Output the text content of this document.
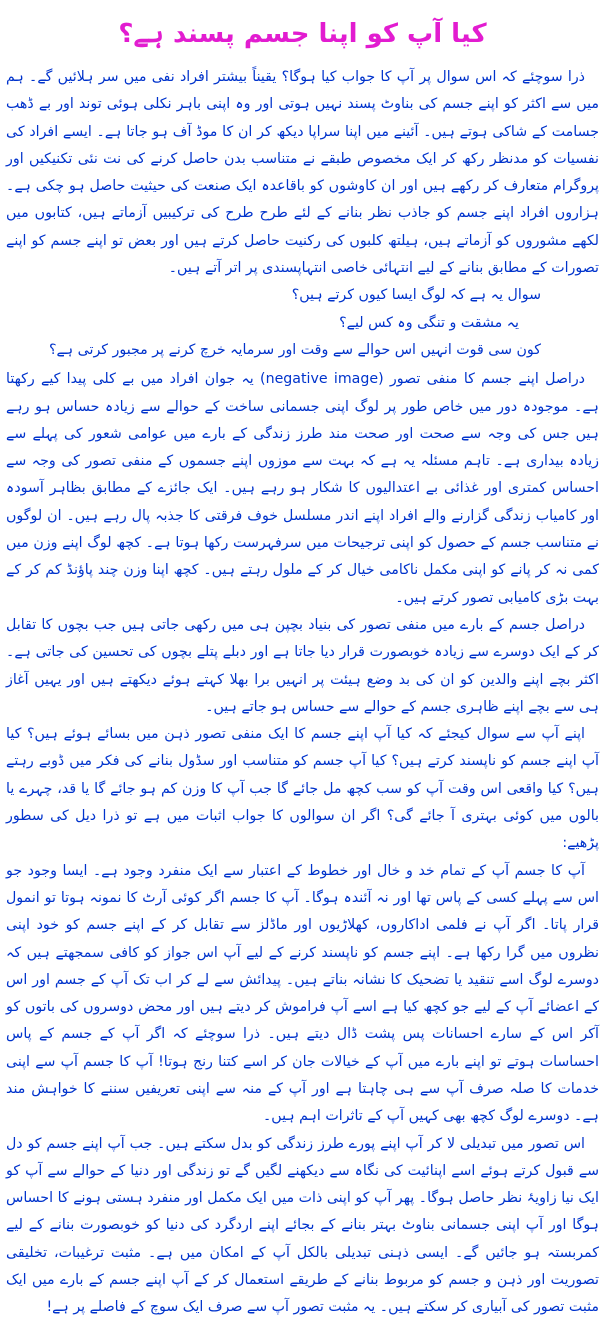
کیا آپ کو اپنا جسم پسند ہے؟

ذرا سوچئے کہ اس سوال پر آپ کا جواب کیا ہوگا؟ یقیناً بیشتر افراد نفی میں سر ہلائیں گے۔ ہم میں سے اکثر کو اپنے جسم کی بناوٹ پسند نہیں ہوتی اور وہ اپنی باہر نکلی ہوئی توند اور بے ڈھب جسامت کے شاکی ہوتے ہیں۔ آئینے میں اپنا سراپا دیکھ کر ان کا موڈ آف ہو جاتا ہے۔ ایسے افراد کی نفسیات کو مدنظر رکھ کر ایک مخصوص طبقے نے متناسب بدن حاصل کرنے کی نت نئی تکنیکیں اور پروگرام متعارف کر رکھے ہیں اور ان کاوشوں کو باقاعدہ ایک صنعت کی حیثیت حاصل ہو چکی ہے۔ ہزاروں افراد اپنے جسم کو جاذب نظر بنانے کے لئے طرح طرح کی ترکیبیں آزماتے ہیں، کتابوں میں لکھے مشوروں کو آزماتے ہیں، ہیلتھ کلبوں کی رکنیت حاصل کرتے ہیں اور بعض تو اپنے جسم کو اپنے تصورات کے مطابق بنانے کے لیے انتہائی خاصی انتہاپسندی پر اتر آتے ہیں۔

سوال یہ ہے کہ لوگ ایسا کیوں کرتے ہیں؟

یہ مشقت و تنگی وہ کس لیے؟

کون سی قوت انہیں اس حوالے سے وقت اور سرمایہ خرچ کرنے پر مجبور کرتی ہے؟

دراصل اپنے جسم کا منفی تصور (negative image) یہ جوان افراد میں بے کلی پیدا کیے رکھتا ہے۔ موجودہ دور میں خاص طور پر لوگ اپنی جسمانی ساخت کے حوالے سے زیادہ حساس ہو رہے ہیں جس کی وجہ سے صحت اور صحت مند طرز زندگی کے بارے میں عوامی شعور کی پہلے سے زیادہ بیداری ہے۔ تاہم مسئلہ یہ ہے کہ بہت سے موزوں اپنے جسموں کے منفی تصور کی وجہ سے احساس کمتری اور غذائی بے اعتدالیوں کا شکار ہو رہے ہیں۔ ایک جائزے کے مطابق بظاہر آسودہ اور کامیاب زندگی گزارنے والے افراد اپنے اندر مسلسل خوف فرقتی کا جذبہ پال رہے ہیں۔ ان لوگوں نے متناسب جسم کے حصول کو اپنی ترجیحات میں سرفہرست رکھا ہوتا ہے۔ کچھ لوگ اپنے وزن میں کمی نہ کر پانے کو اپنی مکمل ناکامی خیال کر کے ملول رہتے ہیں۔ کچھ اپنا وزن چند پاؤنڈ کم کر کے بہت بڑی کامیابی تصور کرتے ہیں۔

دراصل جسم کے بارے میں منفی تصور کی بنیاد بچپن ہی میں رکھی جاتی ہیں جب بچوں کا تقابل کر کے ایک دوسرے سے زیادہ خوبصورت قرار دیا جاتا ہے اور دبلے پتلے بچوں کی تحسین کی جاتی ہے۔ اکثر بچے اپنے والدین کو ان کی بد وضع ہیئت پر انہیں برا بھلا کہتے ہوئے دیکھتے ہیں اور یہیں آغاز ہی سے بچے اپنے ظاہری جسم کے حوالے سے حساس ہو جاتے ہیں۔

اپنے آپ سے سوال کیجئے کہ کیا آپ اپنے جسم کا ایک منفی تصور ذہن میں بسائے ہوئے ہیں؟ کیا آپ اپنے جسم کو ناپسند کرتے ہیں؟ کیا آپ جسم کو متناسب اور سڈول بنانے کی فکر میں ڈوبے رہتے ہیں؟ کیا واقعی اس وقت آپ کو سب کچھ مل جائے گا جب آپ کا وزن کم ہو جائے گا یا قد، چہرے یا بالوں میں کوئی بہتری آ جائے گی؟ اگر ان سوالوں کا جواب اثبات میں ہے تو ذرا دیل کی سطور پڑھیے:

آپ کا جسم آپ کے تمام خد و خال اور خطوط کے اعتبار سے ایک منفرد وجود ہے۔ ایسا وجود جو اس سے پہلے کسی کے پاس تھا اور نہ آئندہ ہوگا۔ آپ کا جسم اگر کوئی آرٹ کا نمونہ ہوتا تو انمول قرار پاتا۔ اگر آپ نے فلمی اداکاروں، کھلاڑیوں اور ماڈلز سے تقابل کر کے اپنے جسم کو خود اپنی نظروں میں گرا رکھا ہے۔ اپنے جسم کو ناپسند کرنے کے لیے آپ اس جواز کو کافی سمجھتے ہیں کہ دوسرے لوگ اسے تنقید یا تضحیک کا نشانہ بناتے ہیں۔ پیدائش سے لے کر اب تک آپ کے جسم اور اس کے اعضائے آپ کے لیے جو کچھ کیا ہے اسے آپ فراموش کر دیتے ہیں اور محض دوسروں کی باتوں کو آکر اس کے سارے احسانات پس پشت ڈال دیتے ہیں۔ ذرا سوچئے کہ اگر آپ کے جسم کے پاس احساسات ہوتے تو اپنے بارے میں آپ کے خیالات جان کر اسے کتنا رنج ہوتا! آپ کا جسم آپ سے اپنی خدمات کا صلہ صرف آپ سے ہی چاہتا ہے اور آپ کے منہ سے اپنی تعریفیں سننے کا خواہش مند ہے۔ دوسرے لوگ کچھ بھی کہیں آپ کے تاثرات اہم ہیں۔

اس تصور میں تبدیلی لا کر آپ اپنے پورے طرز زندگی کو بدل سکتے ہیں۔ جب آپ اپنے جسم کو دل سے قبول کرتے ہوئے اسے اپنائیت کی نگاہ سے دیکھنے لگیں گے تو زندگی اور دنیا کے حوالے سے آپ کو ایک نیا زاویۂ نظر حاصل ہوگا۔ پھر آپ کو اپنی ذات میں ایک مکمل اور منفرد ہستی ہونے کا احساس ہوگا اور آپ اپنی جسمانی بناوٹ بہتر بنانے کے بجائے اپنے اردگرد کی دنیا کو خوبصورت بنانے کے لیے کمربستہ ہو جائیں گے۔ ایسی ذہنی تبدیلی بالکل آپ کے امکان میں ہے۔ مثبت ترغیبات، تخلیقی تصوریت اور ذہن و جسم کو مربوط بنانے کے طریقے استعمال کر کے آپ اپنے جسم کے بارے میں ایک مثبت تصور کی آبیاری کر سکتے ہیں۔ یہ مثبت تصور آپ سے صرف ایک سوچ کے فاصلے پر ہے!
